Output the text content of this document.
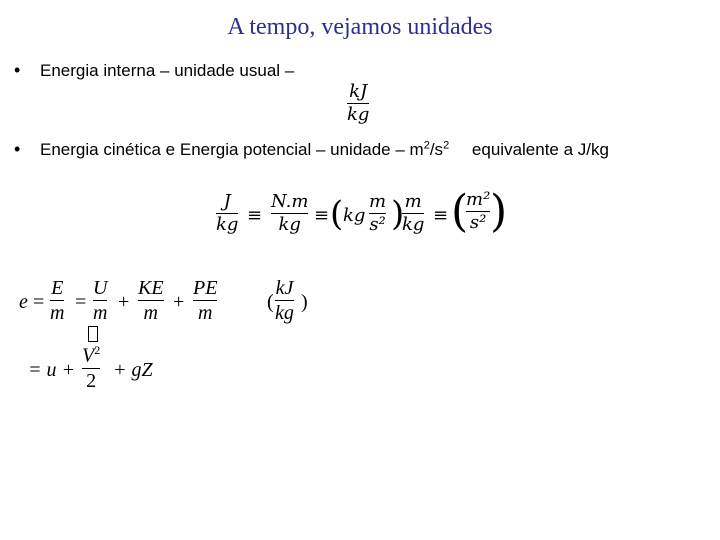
A tempo, vejamos unidades
• Energia interna – unidade usual –
kJ
kg
• Energia cinética e Energia potencial – unidade – $m^2/s^2$ equivalente a J/kg
J
kg ≡
N.m
kg ≡ ( kg
m
s² ) m
kg ≡ (
m²
s² )
e =
E
m =
U
m +
KE
m +
PE
m	(
kJ
kg )
= u +
$V^2$
2 + gZ
